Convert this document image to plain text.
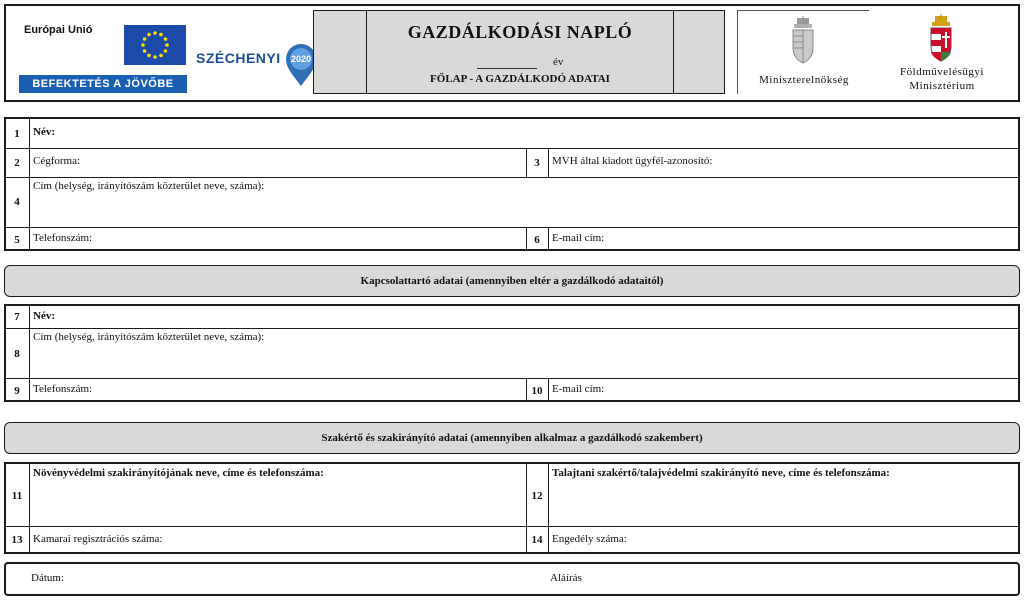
Európai Unió
BEFEKTETÉS A JÖVŐBE
SZÉCHENYI 2020
GAZDÁLKODÁSI NAPLÓ
év
FŐLAP - A GAZDÁLKODÓ ADATAI	Miniszterelnökség
Földművelésügyi
Minisztérium
1	Név:
2	Cégforma:	3	MVH által kiadott ügyfél-azonosító:
4
Cím (helység, irányítószám közterület neve, száma):
5	Telefonszám:	6	E-mail cím:
Kapcsolattartó adatai (amennyiben eltér a gazdálkodó adataitól)
7	Név:
8
Cím (helység, irányítószám közterület neve, száma):
9	Telefonszám:	10 E-mail cím:
Szakértő és szakirányító adatai (amennyiben alkalmaz a gazdálkodó szakembert)
11
Növényvédelmi szakirányítójának neve, címe és telefonszáma:
12
Talajtani szakértő/talajvédelmi szakirányító neve, címe és telefonszáma:
13 Kamarai regisztrációs száma:	14 Engedély száma:
Dátum:	Aláírás
